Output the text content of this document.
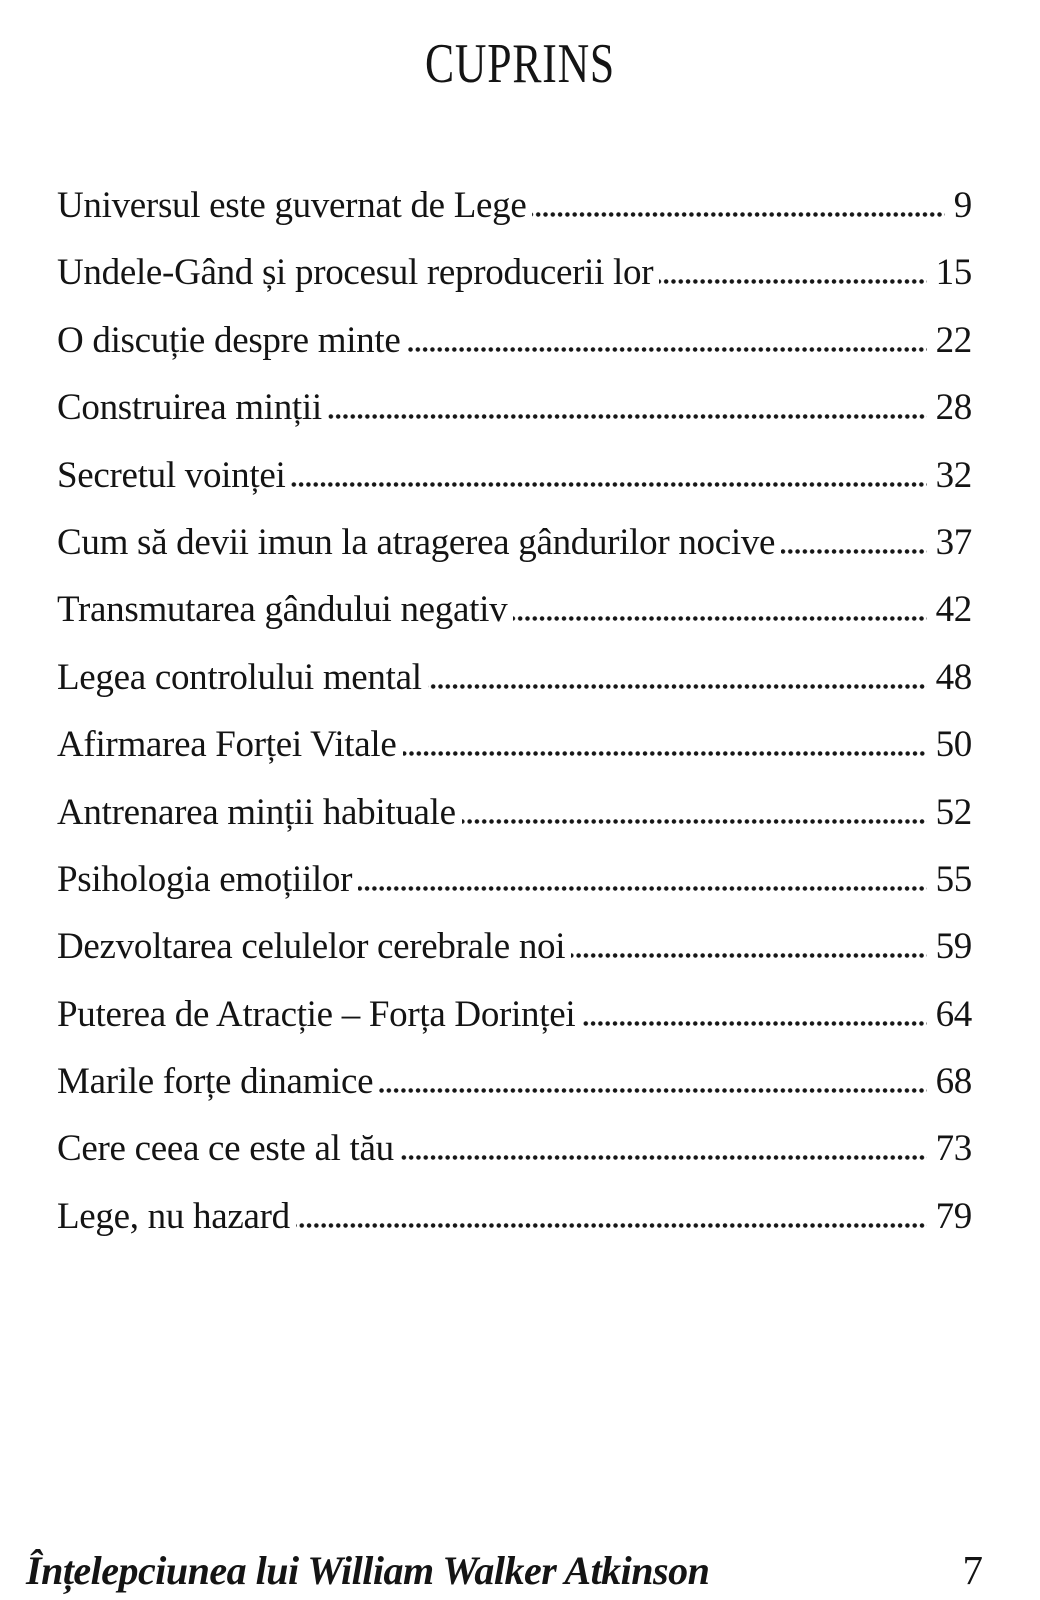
CUPRINS
Universul este guvernat de Lege	9
Undele-Gând și procesul reproducerii lor	15
O discuție despre minte	22
Construirea minții	28
Secretul voinței	32
Cum să devii imun la atragerea gândurilor nocive	37
Transmutarea gândului negativ	42
Legea controlului mental	48
Afirmarea Forței Vitale	50
Antrenarea minții habituale	52
Psihologia emoțiilor	55
Dezvoltarea celulelor cerebrale noi	59
Puterea de Atracție – Forța Dorinței	64
Marile forțe dinamice	68
Cere ceea ce este al tău	73
Lege, nu hazard	79
Înțelepciunea lui William Walker Atkinson	7
